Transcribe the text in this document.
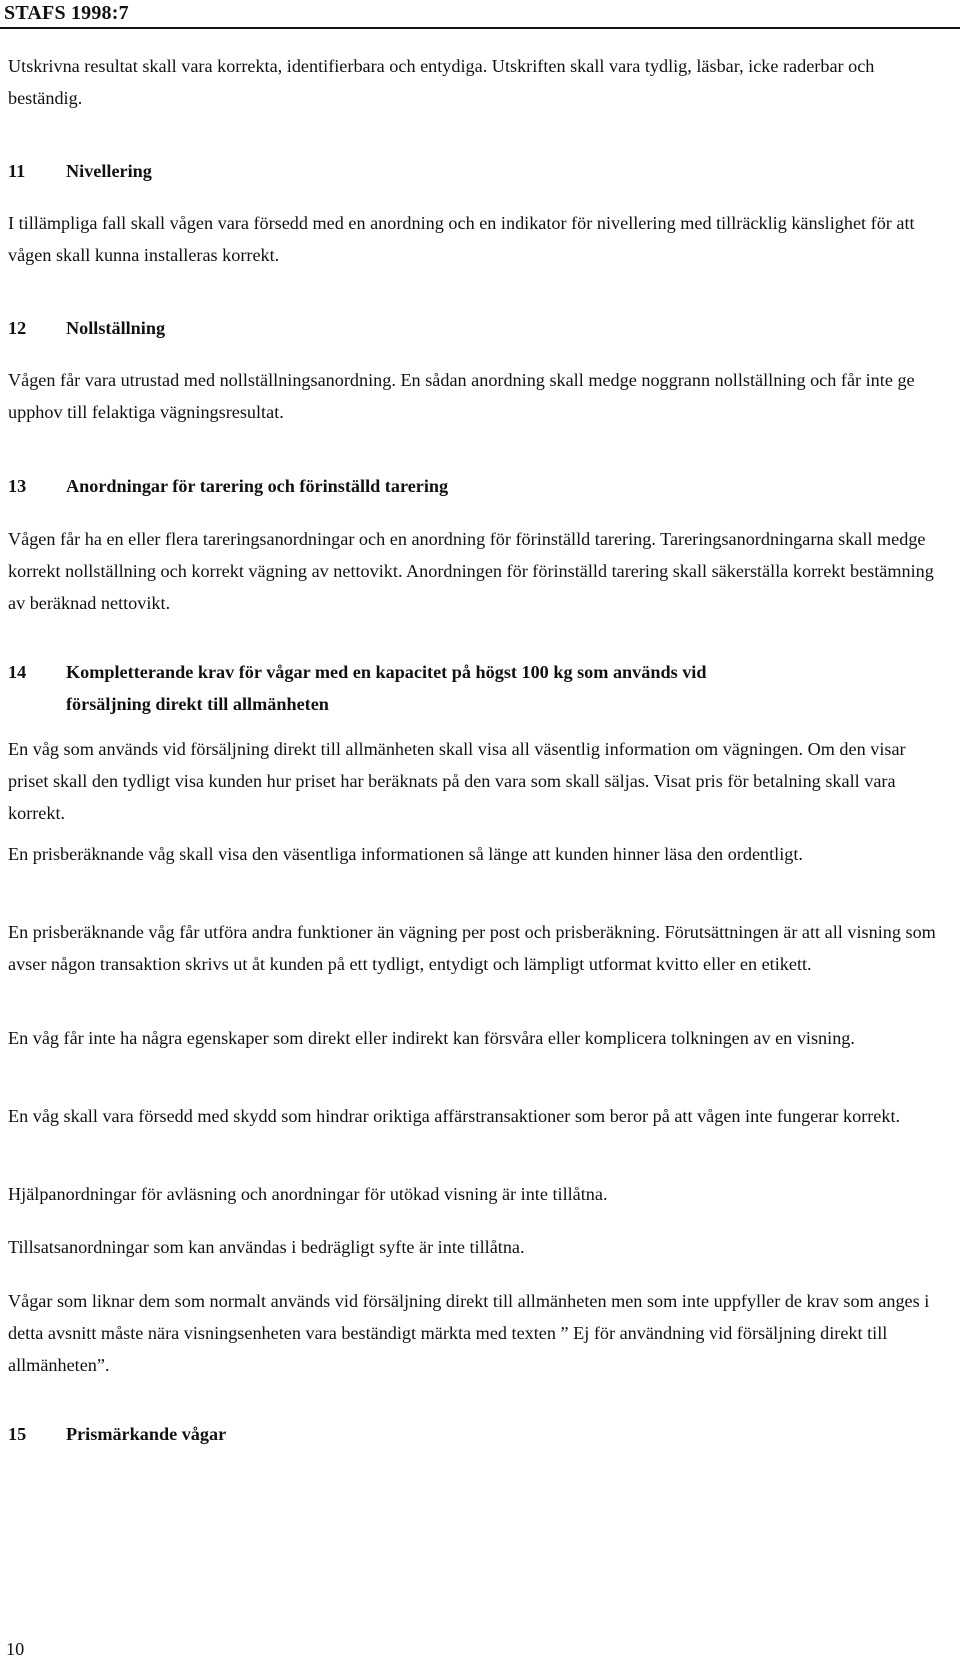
STAFS 1998:7

Utskrivna resultat skall vara korrekta, identifierbara och entydiga. Utskriften skall vara tydlig, läsbar, icke raderbar och beständig.

11	Nivellering

I tillämpliga fall skall vågen vara försedd med en anordning och en indikator för nivellering med tillräcklig känslighet för att vågen skall kunna installeras korrekt.

12	Nollställning

Vågen får vara utrustad med nollställningsanordning. En sådan anordning skall medge noggrann nollställning och får inte ge upphov till felaktiga vägningsresultat.

13	Anordningar för tarering och förinställd tarering

Vågen får ha en eller flera tareringsanordningar och en anordning för förinställd tarering. Tareringsanordningarna skall medge korrekt nollställning och korrekt vägning av nettovikt. Anordningen för förinställd tarering skall säkerställa korrekt bestämning av beräknad nettovikt.

14	Kompletterande krav för vågar med en kapacitet på högst 100 kg som används vid försäljning direkt till allmänheten

En våg som används vid försäljning direkt till allmänheten skall visa all väsentlig information om vägningen. Om den visar priset skall den tydligt visa kunden hur priset har beräknats på den vara som skall säljas. Visat pris för betalning skall vara korrekt.

En prisberäknande våg skall visa den väsentliga informationen så länge att kunden hinner läsa den ordentligt.

En prisberäknande våg får utföra andra funktioner än vägning per post och prisberäkning. Förutsättningen är att all visning som avser någon transaktion skrivs ut åt kunden på ett tydligt, entydigt och lämpligt utformat kvitto eller en etikett.

En våg får inte ha några egenskaper som direkt eller indirekt kan försvåra eller komplicera tolkningen av en visning.

En våg skall vara försedd med skydd som hindrar oriktiga affärstransaktioner som beror på att vågen inte fungerar korrekt.

Hjälpanordningar för avläsning och anordningar för utökad visning är inte tillåtna.

Tillsatsanordningar som kan användas i bedrägligt syfte är inte tillåtna.

Vågar som liknar dem som normalt används vid försäljning direkt till allmänheten men som inte uppfyller de krav som anges i detta avsnitt måste nära visningsenheten vara beständigt märkta med texten ” Ej för användning vid försäljning direkt till allmänheten”.

15	Prismärkande vågar
10
